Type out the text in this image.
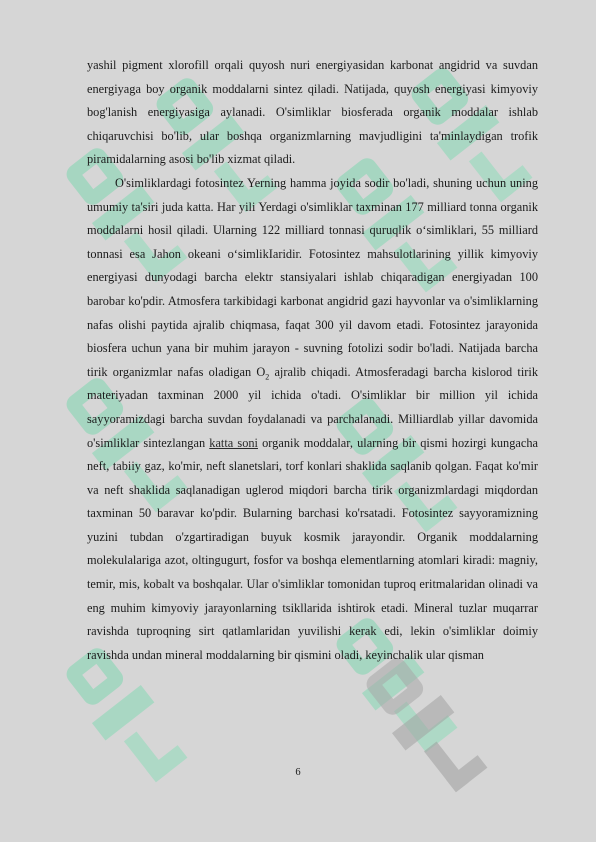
yashil pigment xlorofill orqali quyosh nuri energiyasidan karbonat angidrid va suvdan energiyaga boy organik moddalarni sintez qiladi. Natijada, quyosh energiyasi kimyoviy bog'lanish energiyasiga aylanadi. O'simliklar biosferada organik moddalar ishlab chiqaruvchisi bo'lib, ular boshqa organizmlarning mavjudligini ta'minlaydigan trofik piramidalarning asosi bo'lib xizmat qiladi.

O'simliklardagi fotosintez Yerning hamma joyida sodir bo'ladi, shuning uchun uning umumiy ta'siri juda katta. Har yili Yerdagi o'simliklar taxminan 177 milliard tonna organik moddalarni hosil qiladi. Ularning 122 milliard tonnasi quruqlik o‘simliklari, 55 milliard tonnasi esa Jahon okeani o‘simlikIaridir. Fotosintez mahsulotlarining yillik kimyoviy energiyasi dunyodagi barcha elektr stansiyalari ishlab chiqaradigan energiyadan 100 barobar ko'pdir. Atmosfera tarkibidagi karbonat angidrid gazi hayvonlar va o'simliklarning nafas olishi paytida ajralib chiqmasa, faqat 300 yil davom etadi. Fotosintez jarayonida biosfera uchun yana bir muhim jarayon - suvning fotolizi sodir bo'ladi. Natijada barcha tirik organizmlar nafas oladigan $O_2$ ajralib chiqadi. Atmosferadagi barcha kislorod tirik materiyadan taxminan 2000 yil ichida o'tadi. O'simliklar bir million yil ichida sayyoramizdagi barcha suvdan foydalanadi va parchalanadi. Milliardlab yillar davomida o'simliklar sintezlangan katta soni organik moddalar, ularning bir qismi hozirgi kungacha neft, tabiiy gaz, ko'mir, neft slanetslari, torf konlari shaklida saqlanib qolgan. Faqat ko'mir va neft shaklida saqlanadigan uglerod miqdori barcha tirik organizmlardagi miqdordan taxminan 50 baravar ko'pdir. Bularning barchasi ko'rsatadi. Fotosintez sayyoramizning yuzini tubdan o'zgartiradigan buyuk kosmik jarayondir. Organik moddalarning molekulalariga azot, oltingugurt, fosfor va boshqa elementlarning atomlari kiradi: magniy, temir, mis, kobalt va boshqalar. Ular o'simliklar tomonidan tuproq eritmalaridan olinadi va eng muhim kimyoviy jarayonlarning tsikllarida ishtirok etadi. Mineral tuzlar muqarrar ravishda tuproqning sirt qatlamlaridan yuvilishi kerak edi, lekin o'simliklar doimiy ravishda undan mineral moddalarning bir qismini oladi, keyinchalik ular qisman

6
